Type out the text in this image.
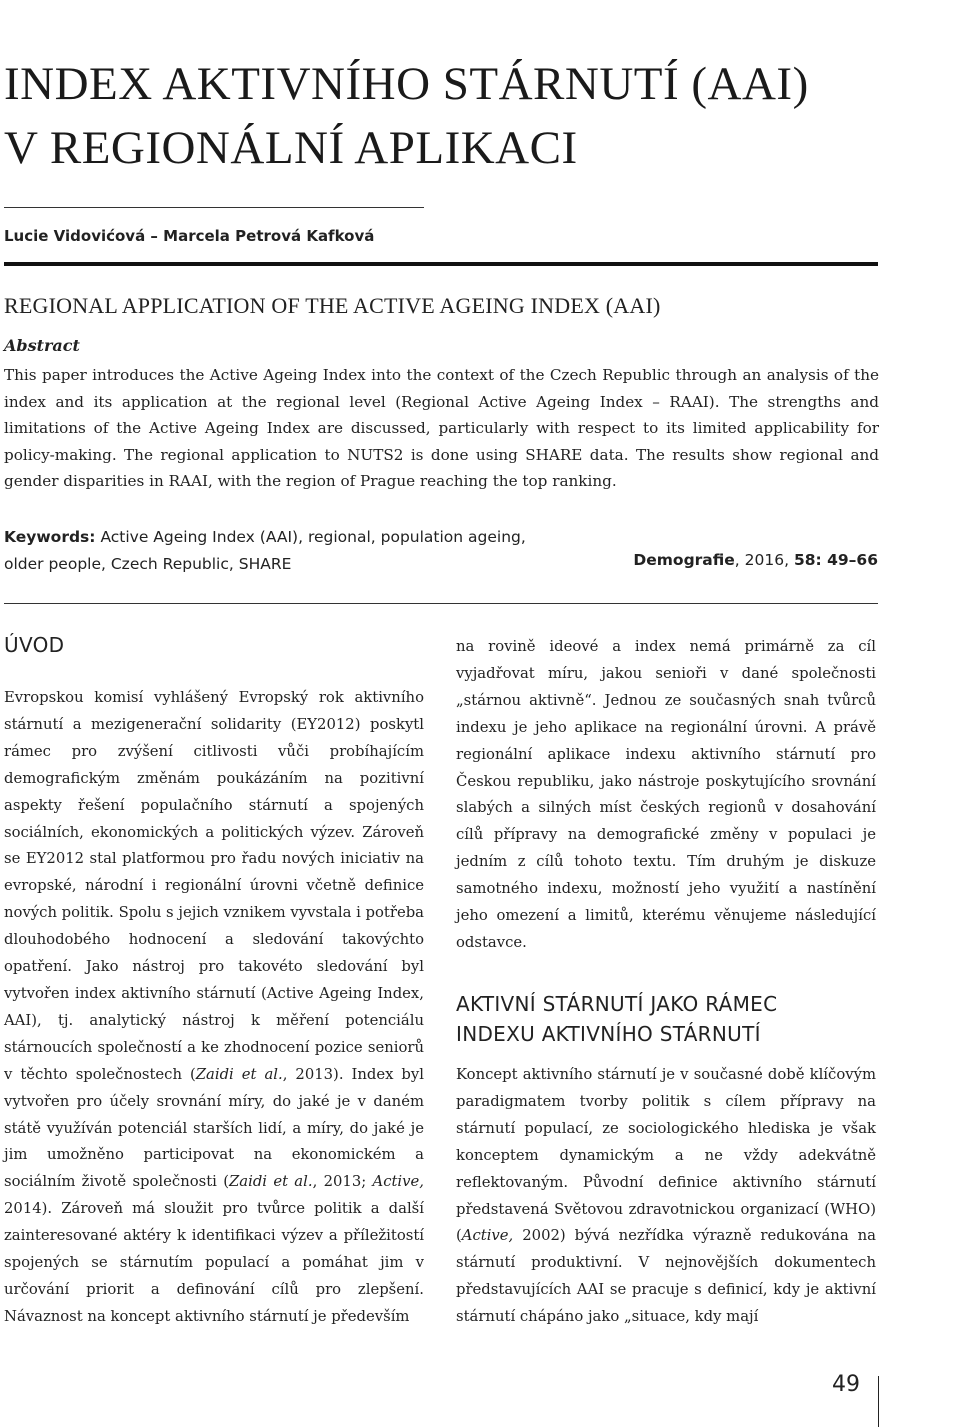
INDEX AKTIVNÍHO STÁRNUTÍ (AAI)
V REGIONÁLNÍ APLIKACI
Lucie Vidovićová – Marcela Petrová Kafková
REGIONAL APPLICATION OF THE ACTIVE AGEING INDEX (AAI)
Abstract

This paper introduces the Active Ageing Index into the context of the Czech Republic through an analysis of the index and its application at the regional level (Regional Active Ageing Index – RAAI). The strengths and limitations of the Active Ageing Index are discussed, particularly with respect to its limited applicability for policy-making. The regional application to NUTS2 is done using SHARE data. The results show regional and gender disparities in RAAI, with the region of Prague reaching the top ranking.

Keywords: Active Ageing Index (AAI), regional, population ageing,
older people, Czech Republic, SHARE	Demografie, 2016, 58: 49–66
ÚVOD

Evropskou komisí vyhlášený Evropský rok aktivního stárnutí a mezigenerační solidarity (EY2012) poskytl rámec pro zvýšení citlivosti vůči probíhajícím demografickým změnám poukázáním na pozitivní aspekty řešení populačního stárnutí a spojených sociálních, ekonomických a politických výzev. Zároveň se EY2012 stal platformou pro řadu nových iniciativ na evropské, národní i regionální úrovni včetně definice nových politik. Spolu s jejich vznikem vyvstala i potřeba dlouhodobého hodnocení a sledování takovýchto opatření. Jako nástroj pro takovéto sledování byl vytvořen index aktivního stárnutí (Active Ageing Index, AAI), tj. analytický nástroj k měření potenciálu stárnoucích společností a ke zhodnocení pozice seniorů v těchto společnostech (Zaidi et al., 2013). Index byl vytvořen pro účely srovnání míry, do jaké je v daném státě využíván potenciál starších lidí, a míry, do jaké je jim umožněno participovat na ekonomickém a sociálním životě společnosti (Zaidi et al., 2013; Active, 2014). Zároveň má sloužit pro tvůrce politik a další zainteresované aktéry k identifikaci výzev a příležitostí spojených se stárnutím populací a pomáhat jim v určování priorit a definování cílů pro zlepšení. Návaznost na koncept aktivního stárnutí je především

na rovině ideové a index nemá primárně za cíl vyjadřovat míru, jakou senioři v dané společnosti „stárnou aktivně“. Jednou ze současných snah tvůrců indexu je jeho aplikace na regionální úrovni. A právě regionální aplikace indexu aktivního stárnutí pro Českou republiku, jako nástroje poskytujícího srovnání slabých a silných míst českých regionů v dosahování cílů přípravy na demografické změny v populaci je jedním z cílů tohoto textu. Tím druhým je diskuze samotného indexu, možností jeho využití a nastínění jeho omezení a limitů, kterému věnujeme následující odstavce.

AKTIVNÍ STÁRNUTÍ JAKO RÁMEC
INDEXU AKTIVNÍHO STÁRNUTÍ

Koncept aktivního stárnutí je v současné době klíčovým paradigmatem tvorby politik s cílem přípravy na stárnutí populací, ze sociologického hlediska je však konceptem dynamickým a ne vždy adekvátně reflektovaným. Původní definice aktivního stárnutí představená Světovou zdravotnickou organizací (WHO) (Active, 2002) bývá nezřídka výrazně redukována na stárnutí produktivní. V nejnovějších dokumentech představujících AAI se pracuje s definicí, kdy je aktivní stárnutí chápáno jako „situace, kdy mají

49
